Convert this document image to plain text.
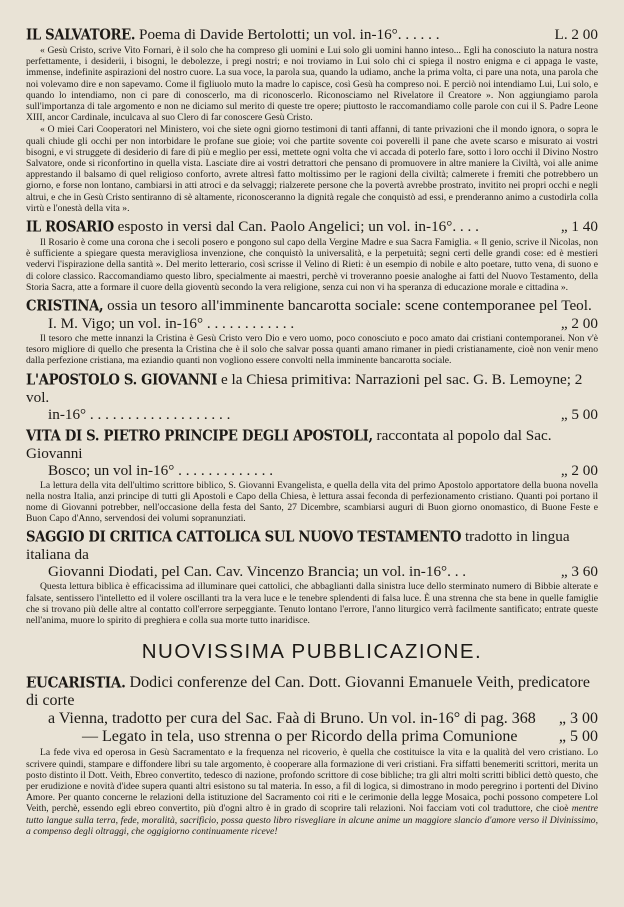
IL SALVATORE. Poema di Davide Bertolotti; un vol. in-16°. . . . . .	L. 2 00

« Gesù Cristo, scrive Vito Fornari, è il solo che ha compreso gli uomini e Lui solo gli uomini hanno inteso... Egli ha conosciuto la natura nostra perfettamente, i desiderii, i bisogni, le debolezze, i pregi nostri; e noi troviamo in Lui solo chi ci spiega il nostro enigma e ci appaga le vaste, immense, indefinite aspirazioni del nostro cuore. La sua voce, la parola sua, quando la udiamo, anche la prima volta, ci pare una nota, una parola che noi volevamo dire e non sapevamo. Come il figliuolo muto la madre lo capisce, così Gesù ha compreso noi. E perciò noi intendiamo Lui, Lui solo, e quando lo intendiamo, non ci pare di conoscerlo, ma di riconoscerlo. Riconosciamo nel Rivelatore il Creatore ». Non aggiungiamo parola sull'importanza di tale argomento e non ne diciamo sul merito di queste tre opere; piuttosto le raccomandiamo colle parole con cui il S. Padre Leone XIII, ancor Cardinale, inculcava al suo Clero di far conoscere Gesù Cristo.

« O miei Cari Cooperatori nel Ministero, voi che siete ogni giorno testimoni di tanti affanni, di tante privazioni che il mondo ignora, o sopra le quali chiude gli occhi per non intorbidare le profane sue gioie; voi che partite sovente coi poverelli il pane che avete scarso e misurato ai vostri bisogni, e vi struggete di desiderio di fare di più e meglio per essi, mettete ogni volta che vi accada di poterlo fare, sotto i loro occhi il Divino Nostro Salvatore, onde si riconfortino in quella vista. Lasciate dire ai vostri detrattori che pensano di promuovere in altre maniere la Civiltà, voi alle anime apprestando il balsamo di quel religioso conforto, avrete altresì fatto moltissimo per le ragioni della civiltà; calmerete i fremiti che potrebbero un giorno, e forse non lontano, cambiarsi in atti atroci e da selvaggi; rialzerete persone che la povertà avrebbe prostrato, invitito nei propri occhi e negli altrui, e che in Gesù Cristo sentiranno di sè altamente, riconosceranno la dignità regale che conquistò ad essi, e prenderanno animo a custodirla colla virtù e l'onestà della vita ».

IL ROSARIO esposto in versi dal Can. Paolo Angelici; un vol. in-16°. . . .	„ 1 40

Il Rosario è come una corona che i secoli posero e pongono sul capo della Vergine Madre e sua Sacra Famiglia. « Il genio, scrive il Nicolas, non è sufficiente a spiegare questa meravigliosa invenzione, che conquistò la universalità, e la perpetuità; segni certi delle grandi cose: ed è mestieri vedervi l'ispirazione della santità ». Del merito letterario, così scrisse il Velino di Rieti: è un esempio di nobile e alto poetare, tutto vena, di suono e di colore classico. Raccomandiamo questo libro, specialmente ai maestri, perchè vi troveranno poesie analoghe ai fatti del Nuovo Testamento, della Storia Sacra, atte a formare il cuore della gioventù secondo la vera religione, senza cui non vi ha speranza di educazione morale e cittadina ».

CRISTINA, ossia un tesoro all'imminente bancarotta sociale: scene contemporanee pel Teol.

I. M. Vigo; un vol. in-16° . . . . . . . . . . . .	„ 2 00

Il tesoro che mette innanzi la Cristina è Gesù Cristo vero Dio e vero uomo, poco conosciuto e poco amato dai cristiani contemporanei. Non v'è tesoro migliore di quello che presenta la Cristina che è il solo che salvar possa quanti amano rimaner in piedi cristianamente, cioè non venir meno dalla perfezione cristiana, ma eziandio quanti non vogliono essere convolti nella imminente bancarotta sociale.

L'APOSTOLO S. GIOVANNI e la Chiesa primitiva: Narrazioni pel sac. G. B. Lemoyne; 2 vol.

in-16° . . . . . . . . . . . . . . . . . . .	„ 5 00

VITA DI S. PIETRO PRINCIPE DEGLI APOSTOLI, raccontata al popolo dal Sac. Giovanni

Bosco; un vol in-16° . . . . . . . . . . . . .	„ 2 00

La lettura della vita dell'ultimo scrittore biblico, S. Giovanni Evangelista, e quella della vita del primo Apostolo apportatore della buona novella nella nostra Italia, anzi principe di tutti gli Apostoli e Capo della Chiesa, è lettura assai feconda di perfezionamento cristiano. Quanti poi portano il nome di Giovanni potrebber, nell'occasione della festa del Santo, 27 Dicembre, scambiarsi auguri di Buon giorno onomastico, di Buone Feste e Buon Capo d'Anno, servendosi dei volumi sopranunziati.

SAGGIO DI CRITICA CATTOLICA SUL NUOVO TESTAMENTO tradotto in lingua italiana da

Giovanni Diodati, pel Can. Cav. Vincenzo Brancia; un vol. in-16°. . .	„ 3 60

Questa lettura biblica è efficacissima ad illuminare quei cattolici, che abbaglianti dalla sinistra luce dello sterminato numero di Bibbie alterate e falsate, sentissero l'intelletto ed il volere oscillanti tra la vera luce e le tenebre splendenti di falsa luce. È una strenna che sta bene in quelle famiglie che si trovano più delle altre al contatto coll'errore serpeggiante. Tenuto lontano l'errore, l'anno liturgico verrà facilmente santificato; entrate queste nell'anima, muore lo spirito di preghiera e colla sua morte tutto inaridisce.

NUOVISSIMA PUBBLICAZIONE.

EUCARISTIA. Dodici conferenze del Can. Dott. Giovanni Emanuele Veith, predicatore di corte

a Vienna, tradotto per cura del Sac. Faà di Bruno. Un vol. in-16° di pag. 368 „ 3 00

— Legato in tela, uso strenna o per Ricordo della prima Comunione	„ 5 00

La fede viva ed operosa in Gesù Sacramentato e la frequenza nel ricoverio, è quella che costituisce la vita e la qualità del vero cristiano. Lo scrivere quindi, stampare e diffondere libri su tale argomento, è cooperare alla formazione di veri cristiani. Fra siffatti benemeriti scrittori, merita un posto distinto il Dott. Veith, Ebreo convertito, tedesco di nazione, profondo scrittore di cose bibliche; tra gli altri molti scritti biblici dettò questo, che per erudizione e novità d'idee supera quanti altri esistono su tal materia. In esso, a fil di logica, si dimostrano in modo peregrino i portenti del Divino Amore. Per quanto concerne le relazioni della istituzione del Sacramento coi riti e le cerimonie della legge Mosaica, pochi possono competere Lol Veith, perchè, essendo egli ebreo convertito, più d'ogni altro è in grado di scoprire tali relazioni. Noi facciam voti col traduttore, che cioè mentre tutto langue sulla terra, fede, moralità, sacrificio, possa questo libro risvegliare in alcune anime un maggiore slancio d'amore verso il Divinissimo, a compenso degli oltraggi, che oggigiorno continuamente riceve!
